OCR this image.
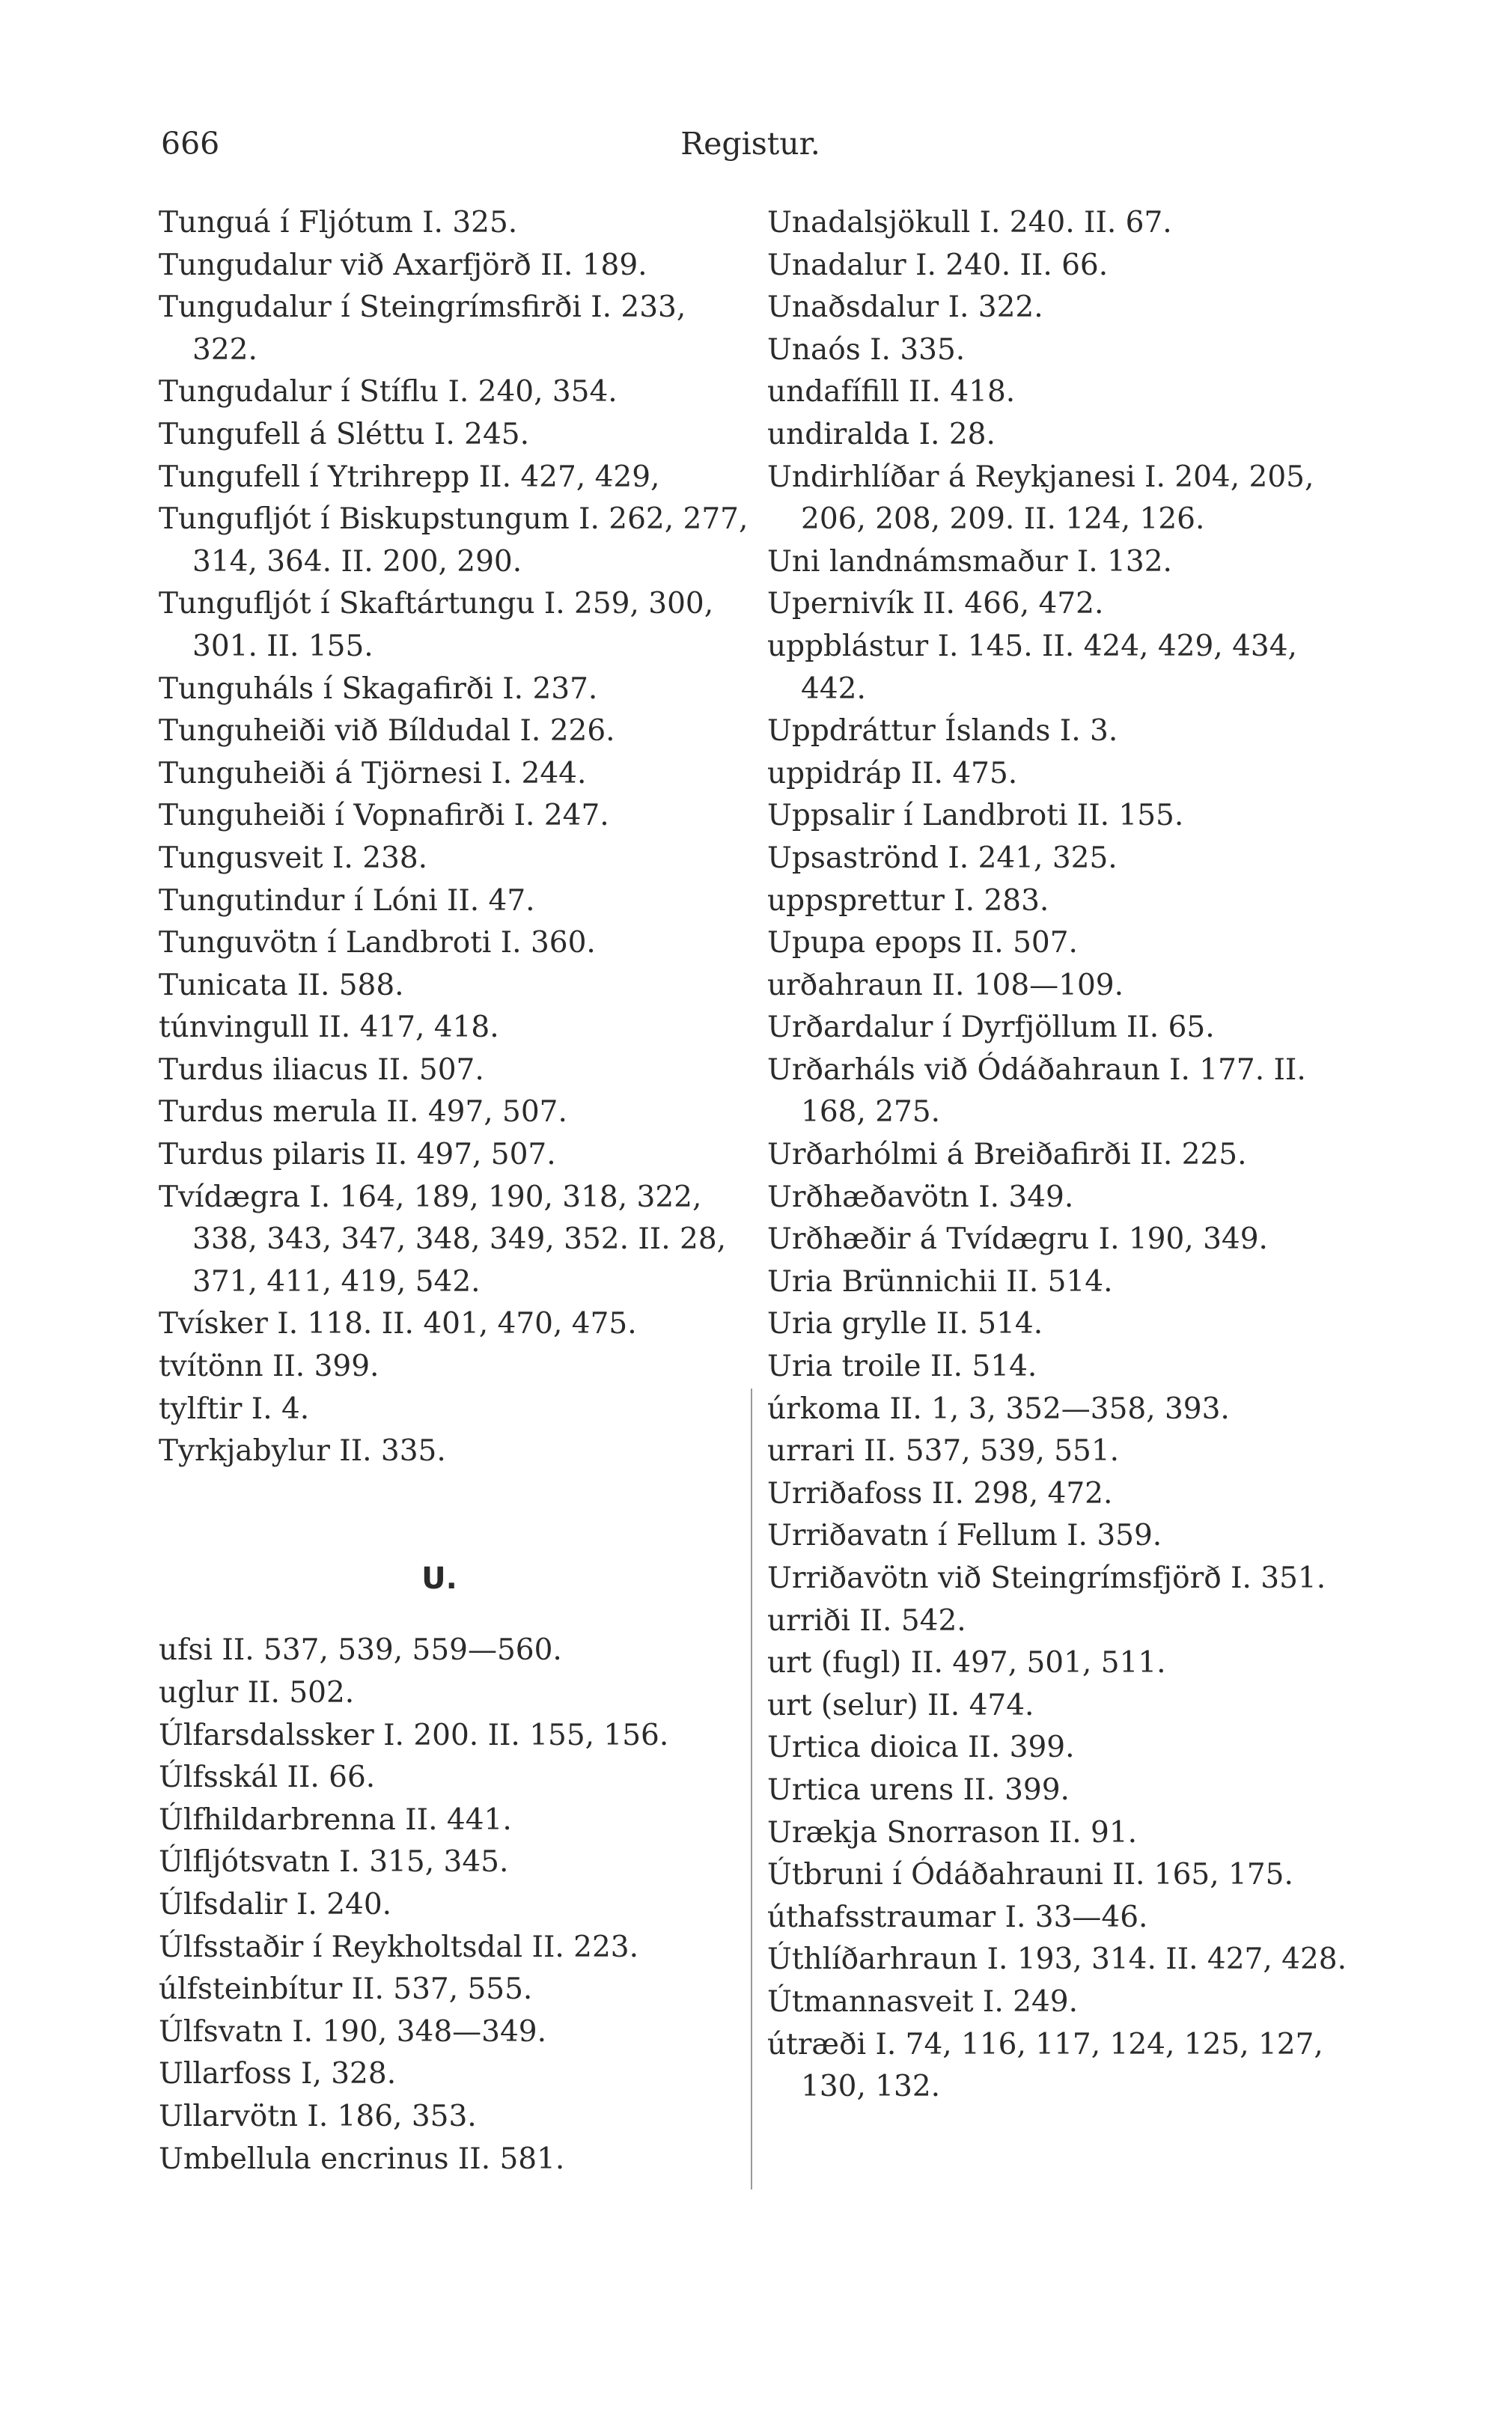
666	Registur.
Tunguá í Fljótum I. 325.
Tungudalur við Axarfjörð II. 189.
Tungudalur í Steingrímsfirði I. 233, 322.
Tungudalur í Stíflu I. 240, 354.
Tungufell á Sléttu I. 245.
Tungufell í Ytrihrepp II. 427, 429,
Tungufljót í Biskupstungum I. 262, 277, 314, 364. II. 200, 290.
Tungufljót í Skaftártungu I. 259, 300, 301. II. 155.
Tunguháls í Skagafirði I. 237.
Tunguheiði við Bíldudal I. 226.
Tunguheiði á Tjörnesi I. 244.
Tunguheiði í Vopnafirði I. 247.
Tungusveit I. 238.
Tungutindur í Lóni II. 47.
Tunguvötn í Landbroti I. 360.
Tunicata II. 588.
túnvingull II. 417, 418.
Turdus iliacus II. 507.
Turdus merula II. 497, 507.
Turdus pilaris II. 497, 507.
Tvídægra I. 164, 189, 190, 318, 322, 338, 343, 347, 348, 349, 352. II. 28, 371, 411, 419, 542.
Tvísker I. 118. II. 401, 470, 475.
tvítönn II. 399.
tylftir I. 4.
Tyrkjabylur II. 335.
U.
ufsi II. 537, 539, 559—560.
uglur II. 502.
Úlfarsdalssker I. 200. II. 155, 156.
Úlfsskál II. 66.
Úlfhildarbrenna II. 441.
Úlfljótsvatn I. 315, 345.
Úlfsdalir I. 240.
Úlfsstaðir í Reykholtsdal II. 223.
úlfsteinbítur II. 537, 555.
Úlfsvatn I. 190, 348—349.
Ullarfoss I, 328.
Ullarvötn I. 186, 353.
Umbellula encrinus II. 581.
Unadalsjökull I. 240. II. 67.
Unadalur I. 240. II. 66.
Unaðsdalur I. 322.
Unaós I. 335.
undafífill II. 418.
undiralda I. 28.
Undirhlíðar á Reykjanesi I. 204, 205, 206, 208, 209. II. 124, 126.
Uni landnámsmaður I. 132.
Upernivík II. 466, 472.
uppblástur I. 145. II. 424, 429, 434, 442.
Uppdráttur Íslands I. 3.
uppidráp II. 475.
Uppsalir í Landbroti II. 155.
Upsaströnd I. 241, 325.
uppsprettur I. 283.
Upupa epops II. 507.
urðahraun II. 108—109.
Urðardalur í Dyrfjöllum II. 65.
Urðarháls við Ódáðahraun I. 177. II. 168, 275.
Urðarhólmi á Breiðafirði II. 225.
Urðhæðavötn I. 349.
Urðhæðir á Tvídægru I. 190, 349.
Uria Brünnichii II. 514.
Uria grylle II. 514.
Uria troile II. 514.
úrkoma II. 1, 3, 352—358, 393.
urrari II. 537, 539, 551.
Urriðafoss II. 298, 472.
Urriðavatn í Fellum I. 359.
Urriðavötn við Steingrímsfjörð I. 351.
urriði II. 542.
urt (fugl) II. 497, 501, 511.
urt (selur) II. 474.
Urtica dioica II. 399.
Urtica urens II. 399.
Urækja Snorrason II. 91.
Útbruni í Ódáðahrauni II. 165, 175.
úthafsstraumar I. 33—46.
Úthlíðarhraun I. 193, 314. II. 427, 428.
Útmannasveit I. 249.
útræði I. 74, 116, 117, 124, 125, 127, 130, 132.
